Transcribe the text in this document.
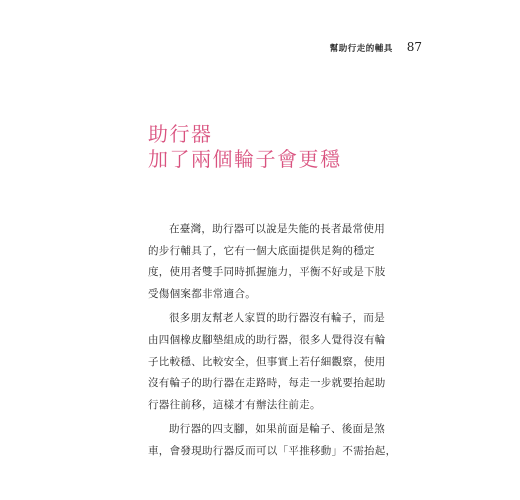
幫助行走的輔具 87
助行器
加了兩個輪子會更穩
在臺灣，助行器可以說是失能的長者最常使用
的步行輔具了，它有一個大底面提供足夠的穩定
度，使用者雙手同時抓握施力，平衡不好或是下肢
受傷個案都非常適合。
很多朋友幫老人家買的助行器沒有輪子，而是
由四個橡皮腳墊組成的助行器，很多人覺得沒有輪
子比較穩、比較安全，但事實上若仔細觀察，使用
沒有輪子的助行器在走路時，每走一步就要抬起助
行器往前移，這樣才有辦法往前走。
助行器的四支腳，如果前面是輪子、後面是煞
車，會發現助行器反而可以「平推移動」不需抬起，
